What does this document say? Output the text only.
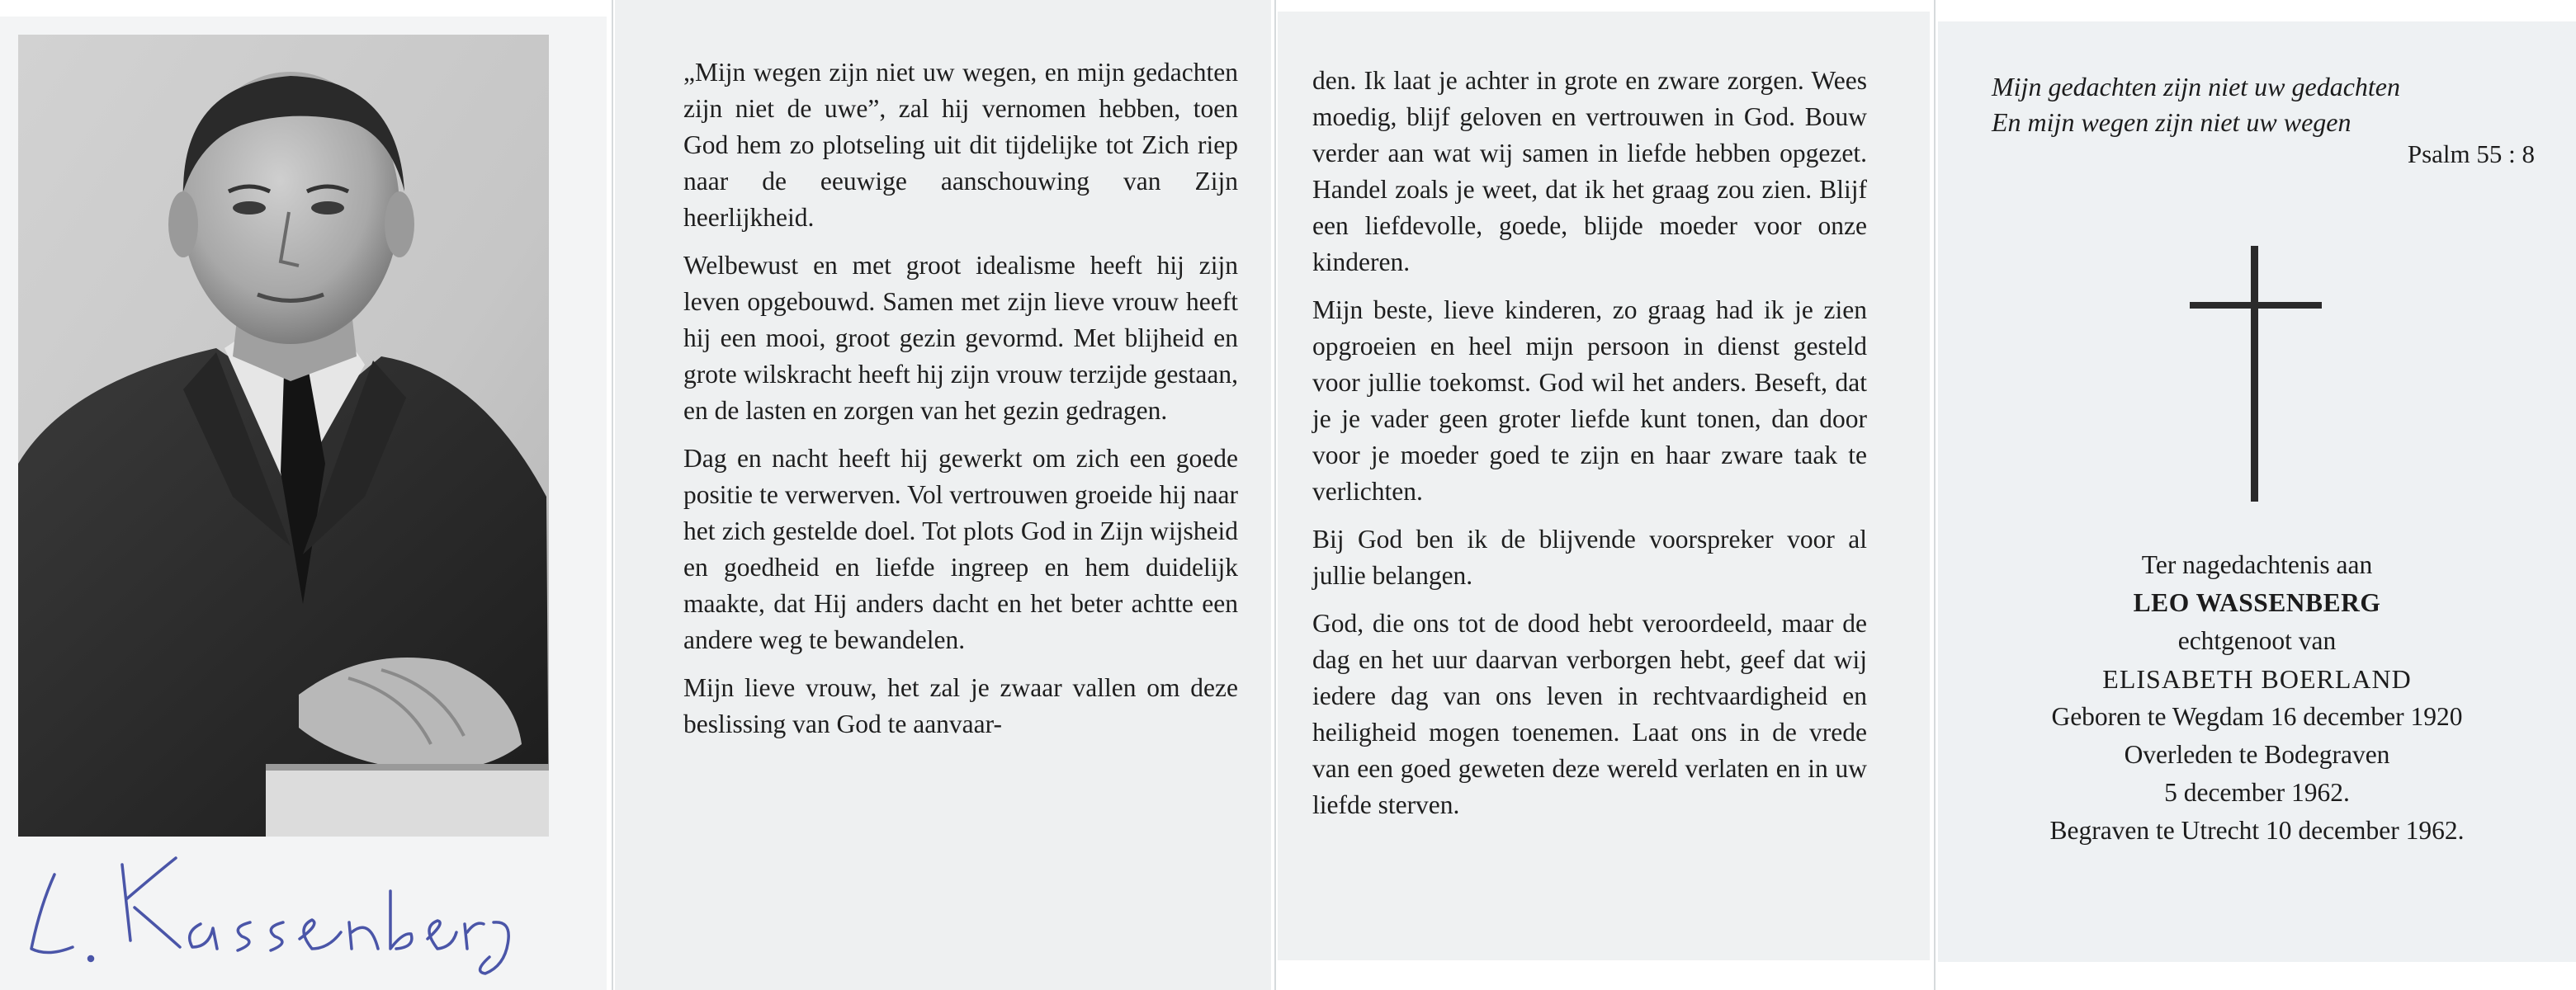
„Mijn wegen zijn niet uw wegen, en mijn gedachten zijn niet de uwe”, zal hij vernomen hebben, toen God hem zo plotseling uit dit tijdelijke tot Zich riep naar de eeuwige aanschouwing van Zijn heerlijkheid.

Welbewust en met groot idealisme heeft hij zijn leven opgebouwd. Samen met zijn lieve vrouw heeft hij een mooi, groot gezin gevormd. Met blijheid en grote wilskracht heeft hij zijn vrouw terzijde gestaan, en de lasten en zorgen van het gezin gedragen.

Dag en nacht heeft hij gewerkt om zich een goede positie te verwerven. Vol vertrouwen groeide hij naar het zich gestelde doel. Tot plots God in Zijn wijsheid en goedheid en liefde ingreep en hem duidelijk maakte, dat Hij anders dacht en het beter achtte een andere weg te bewandelen.

Mijn lieve vrouw, het zal je zwaar vallen om deze beslissing van God te aanvaar-

den. Ik laat je achter in grote en zware zorgen. Wees moedig, blijf geloven en vertrouwen in God. Bouw verder aan wat wij samen in liefde hebben opgezet. Handel zoals je weet, dat ik het graag zou zien. Blijf een liefdevolle, goede, blijde moeder voor onze kinderen.

Mijn beste, lieve kinderen, zo graag had ik je zien opgroeien en heel mijn persoon in dienst gesteld voor jullie toekomst. God wil het anders. Beseft, dat je je vader geen groter liefde kunt tonen, dan door voor je moeder goed te zijn en haar zware taak te verlichten.

Bij God ben ik de blijvende voorspreker voor al jullie belangen.

God, die ons tot de dood hebt veroordeeld, maar de dag en het uur daarvan verborgen hebt, geef dat wij iedere dag van ons leven in rechtvaardigheid en heiligheid mogen toenemen. Laat ons in de vrede van een goed geweten deze wereld verlaten en in uw liefde sterven.

Mijn gedachten zijn niet uw gedachten
En mijn wegen zijn niet uw wegen
Psalm 55 : 8
Ter nagedachtenis aan
LEO WASSENBERG
echtgenoot van
ELISABETH BOERLAND
Geboren te Wegdam 16 december 1920
Overleden te Bodegraven
5 december 1962.
Begraven te Utrecht 10 december 1962.
